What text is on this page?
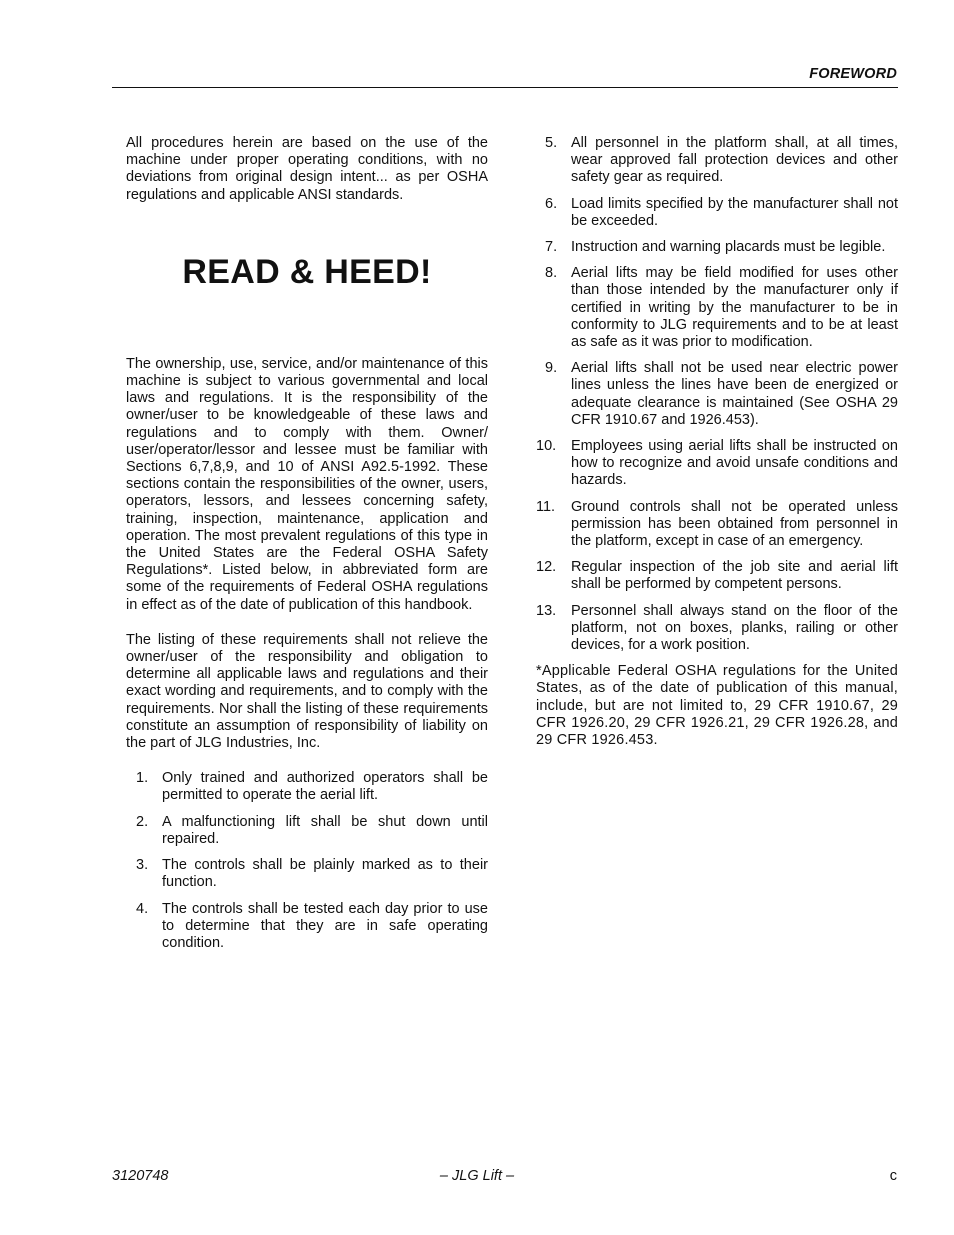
FOREWORD

All procedures herein are based on the use of the machine under proper operating conditions, with no deviations from original design intent... as per OSHA regulations and applicable ANSI standards.

READ & HEED!

The ownership, use, service, and/or maintenance of this machine is subject to various governmental and local laws and regulations. It is the responsibility of the owner/user to be knowledgeable of these laws and regulations and to comply with them. Owner/ user/operator/lessor and lessee must be familiar with Sections 6,7,8,9, and 10 of ANSI A92.5-1992. These sections contain the responsibilities of the owner, users, operators, lessors, and lessees concerning safety, training, inspection, maintenance, application and operation. The most prevalent regulations of this type in the United States are the Federal OSHA Safety Regulations*. Listed below, in abbreviated form are some of the requirements of Federal OSHA regulations in effect as of the date of publication of this handbook.

The listing of these requirements shall not relieve the owner/user of the responsibility and obligation to determine all applicable laws and regulations and their exact wording and requirements, and to comply with the requirements. Nor shall the listing of these requirements constitute an assumption of responsibility of liability on the part of JLG Industries, Inc.

1. Only trained and authorized operators shall be permitted to operate the aerial lift.
2. A malfunctioning lift shall be shut down until repaired.
3. The controls shall be plainly marked as to their function.
4. The controls shall be tested each day prior to use to determine that they are in safe operating condition.
5. All personnel in the platform shall, at all times, wear approved fall protection devices and other safety gear as required.
6. Load limits specified by the manufacturer shall not be exceeded.
7. Instruction and warning placards must be legible.
8. Aerial lifts may be field modified for uses other than those intended by the manufacturer only if certified in writing by the manufacturer to be in conformity to JLG requirements and to be at least as safe as it was prior to modification.
9. Aerial lifts shall not be used near electric power lines unless the lines have been de energized or adequate clearance is maintained (See OSHA 29 CFR 1910.67 and 1926.453).
10. Employees using aerial lifts shall be instructed on how to recognize and avoid unsafe conditions and hazards.
11. Ground controls shall not be operated unless permission has been obtained from personnel in the platform, except in case of an emergency.
12. Regular inspection of the job site and aerial lift shall be performed by competent persons.
13. Personnel shall always stand on the floor of the platform, not on boxes, planks, railing or other devices, for a work position.

*Applicable Federal OSHA regulations for the United States, as of the date of publication of this manual, include, but are not limited to, 29 CFR 1910.67, 29 CFR 1926.20, 29 CFR 1926.21, 29 CFR 1926.28, and 29 CFR 1926.453.

3120748	– JLG Lift –	c
